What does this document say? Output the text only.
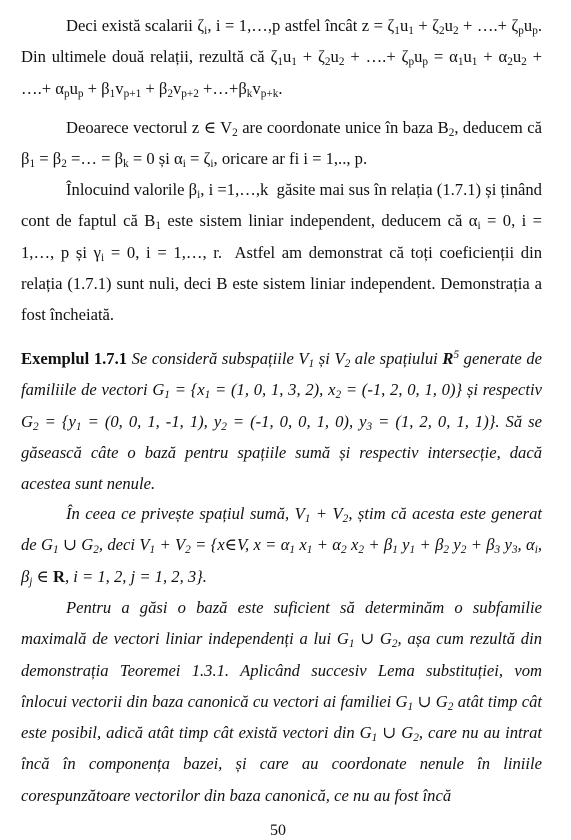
Deci există scalarii $\zeta_i$, i = 1,…,p astfel încât $z = \zeta_1u_1 + \zeta_2u_2$ + ….+ $\zeta_pu_p$. Din ultimele două relații, rezultă că $\zeta_1u_1 + \zeta_2u_2$ + ….+ $\zeta_pu_p = \alpha_1u_1 + \alpha_2u_2$ + ….+ $\alpha_pu_p + \beta_1v_{p+1} + \beta_2v_{p+2}$ $+\dots+\beta_kv_{p+k}$.

Deoarece vectorul z ∈ $V_2$ are coordonate unice în baza $B_2$, deducem că $\beta_1 = \beta_2$ =… = $\beta_k = 0$ și $\alpha_i = \zeta_i$, oricare ar fi i = 1,.., p.

Înlocuind valorile $\beta_i$, i =1,…,k  găsite mai sus în relația (1.7.1) și ținând cont de faptul că $B_1$ este sistem liniar independent, deducem că $\alpha_i = 0$, i = 1,…, p și $\gamma_i = 0$, i = 1,…, r.  Astfel am demonstrat că toți coeficienții din relația (1.7.1) sunt nuli, deci B este sistem liniar independent. Demonstrația a fost încheiată.

Exemplul 1.7.1 Se consideră subspațiile $V_1$ și $V_2$ ale spațiului $R^5$ generate de familiile de vectori $G_1 = \{x_1 = (1$, 0, 1, 3, 2), $x_2 = (-1$, 2, 0, 1, 0)} și respectiv $G_2 = \{y_1 = (0$, 0, 1, -1, 1), $y_2 = (-1$, 0, 0, 1, 0), $y_3 = (1$, 2, 0, 1, 1)}. Să se găsească câte o bază pentru spațiile sumă și respectiv intersecție, dacă acestea sunt nenule.

În ceea ce privește spațiul sumă, $V_1 + V_2$, știm că acesta este generat de $G_1$ ∪ $G_2$, deci $V_1 + V_2$ = {x∈V, $x = \alpha_1$ $x_1 + \alpha_2$ $x_2 + \beta_1$ $y_1 + \beta_2$ $y_2 + \beta_3$ $y_3$, $\alpha_i$, $\beta_j$ ∈ R, i = 1, 2, j = 1, 2, 3}.

Pentru a găsi o bază este suficient să determinăm o subfamilie maximală de vectori liniar independenți a lui $G_1$ ∪ $G_2$, așa cum rezultă din demonstrația Teoremei 1.3.1. Aplicând succesiv Lema substituției, vom înlocui vectorii din baza canonică cu vectori ai familiei $G_1$ ∪ $G_2$ atât timp cât este posibil, adică atât timp cât există vectori din $G_1$ ∪ $G_2$, care nu au intrat încă în componența bazei, și care au coordonate nenule în liniile corespunzătoare vectorilor din baza canonică, ce nu au fost încă

50
